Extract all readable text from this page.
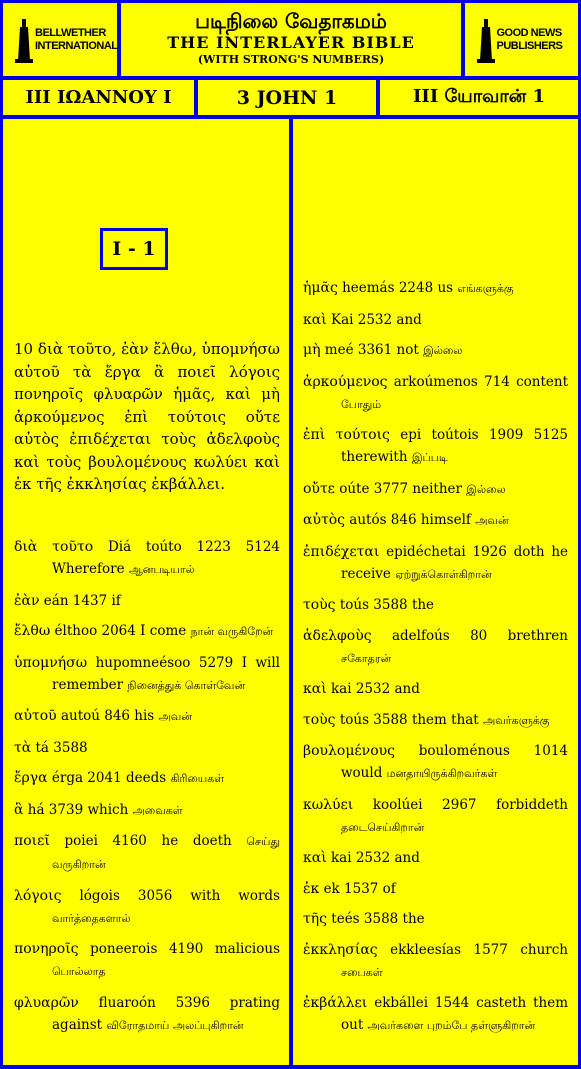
BELLWETHER INTERNATIONAL
படிநிலை வேதாகமம்
THE INTERLAYER BIBLE
(WITH STRONG'S NUMBERS)
GOOD NEWS PUBLISHERS
III ΙΩΑΝΝΟΥ I	3 JOHN 1	III யோவான் 1
I - 1
10 διὰ τοῦτο, ἐὰν ἔλθω, ὑπομνήσω αὐτοῦ τὰ ἔργα ἃ ποιεῖ λόγοις πονηροῖς φλυαρῶν ἡμᾶς, καὶ μὴ ἀρκούμενος ἐπὶ τούτοις οὔτε αὐτὸς ἐπιδέχεται τοὺς ἀδελφοὺς καὶ τοὺς βουλομένους κωλύει καὶ ἐκ τῆς ἐκκλησίας ἐκβάλλει.
διὰ τοῦτο Diá toúto 1223 5124 Wherefore ஆனபடியால்
ἐὰν eán 1437 if
ἔλθω élthoo 2064 I come நான் வருகிறேன்
ὑπομνήσω hupomneésoo 5279 I will remember நினைத்துக் கொள்வேன்
αὐτοῦ autoú 846 his அவன்
τὰ tá 3588
ἔργα érga 2041 deeds கிரியைகள்
ἃ há 3739 which அவைகள்
ποιεῖ poiei 4160 he doeth செய்து வருகிறான்
λόγοις lógois 3056 with words வார்த்தைகளால்
πονηροῖς poneerois 4190 malicious பொல்லாத
φλυαρῶν fluaroón 5396 prating against விரோதமாய் அலப்புகிறான்
ἡμᾶς heemás 2248 us எங்களுக்கு
καὶ Kai 2532 and
μὴ meé 3361 not இல்லை
ἀρκούμενος arkoúmenos 714 content போதும்
ἐπὶ τούτοις epi toútois 1909 5125 therewith இப்படி
οὔτε oúte 3777 neither இல்லை
αὐτὸς autós 846 himself அவன்
ἐπιδέχεται epidéchetai 1926 doth he receive ஏற்றுக்கொள்கிறான்
τοὺς toús 3588 the
ἀδελφοὺς adelfoús 80 brethren சகோதரன்
καὶ kai 2532 and
τοὺς toús 3588 them that அவர்களுக்கு
βουλομένους bouloménous 1014 would மனதாயிருக்கிறவர்கள்
κωλύει koolúei 2967 forbiddeth தடைசெய்கிறான்
καὶ kai 2532 and
ἐκ ek 1537 of
τῆς teés 3588 the
ἐκκλησίας ekkleesías 1577 church சபைகள்
ἐκβάλλει ekbállei 1544 casteth them out அவர்களை புறம்பே தள்ளுகிறான்
